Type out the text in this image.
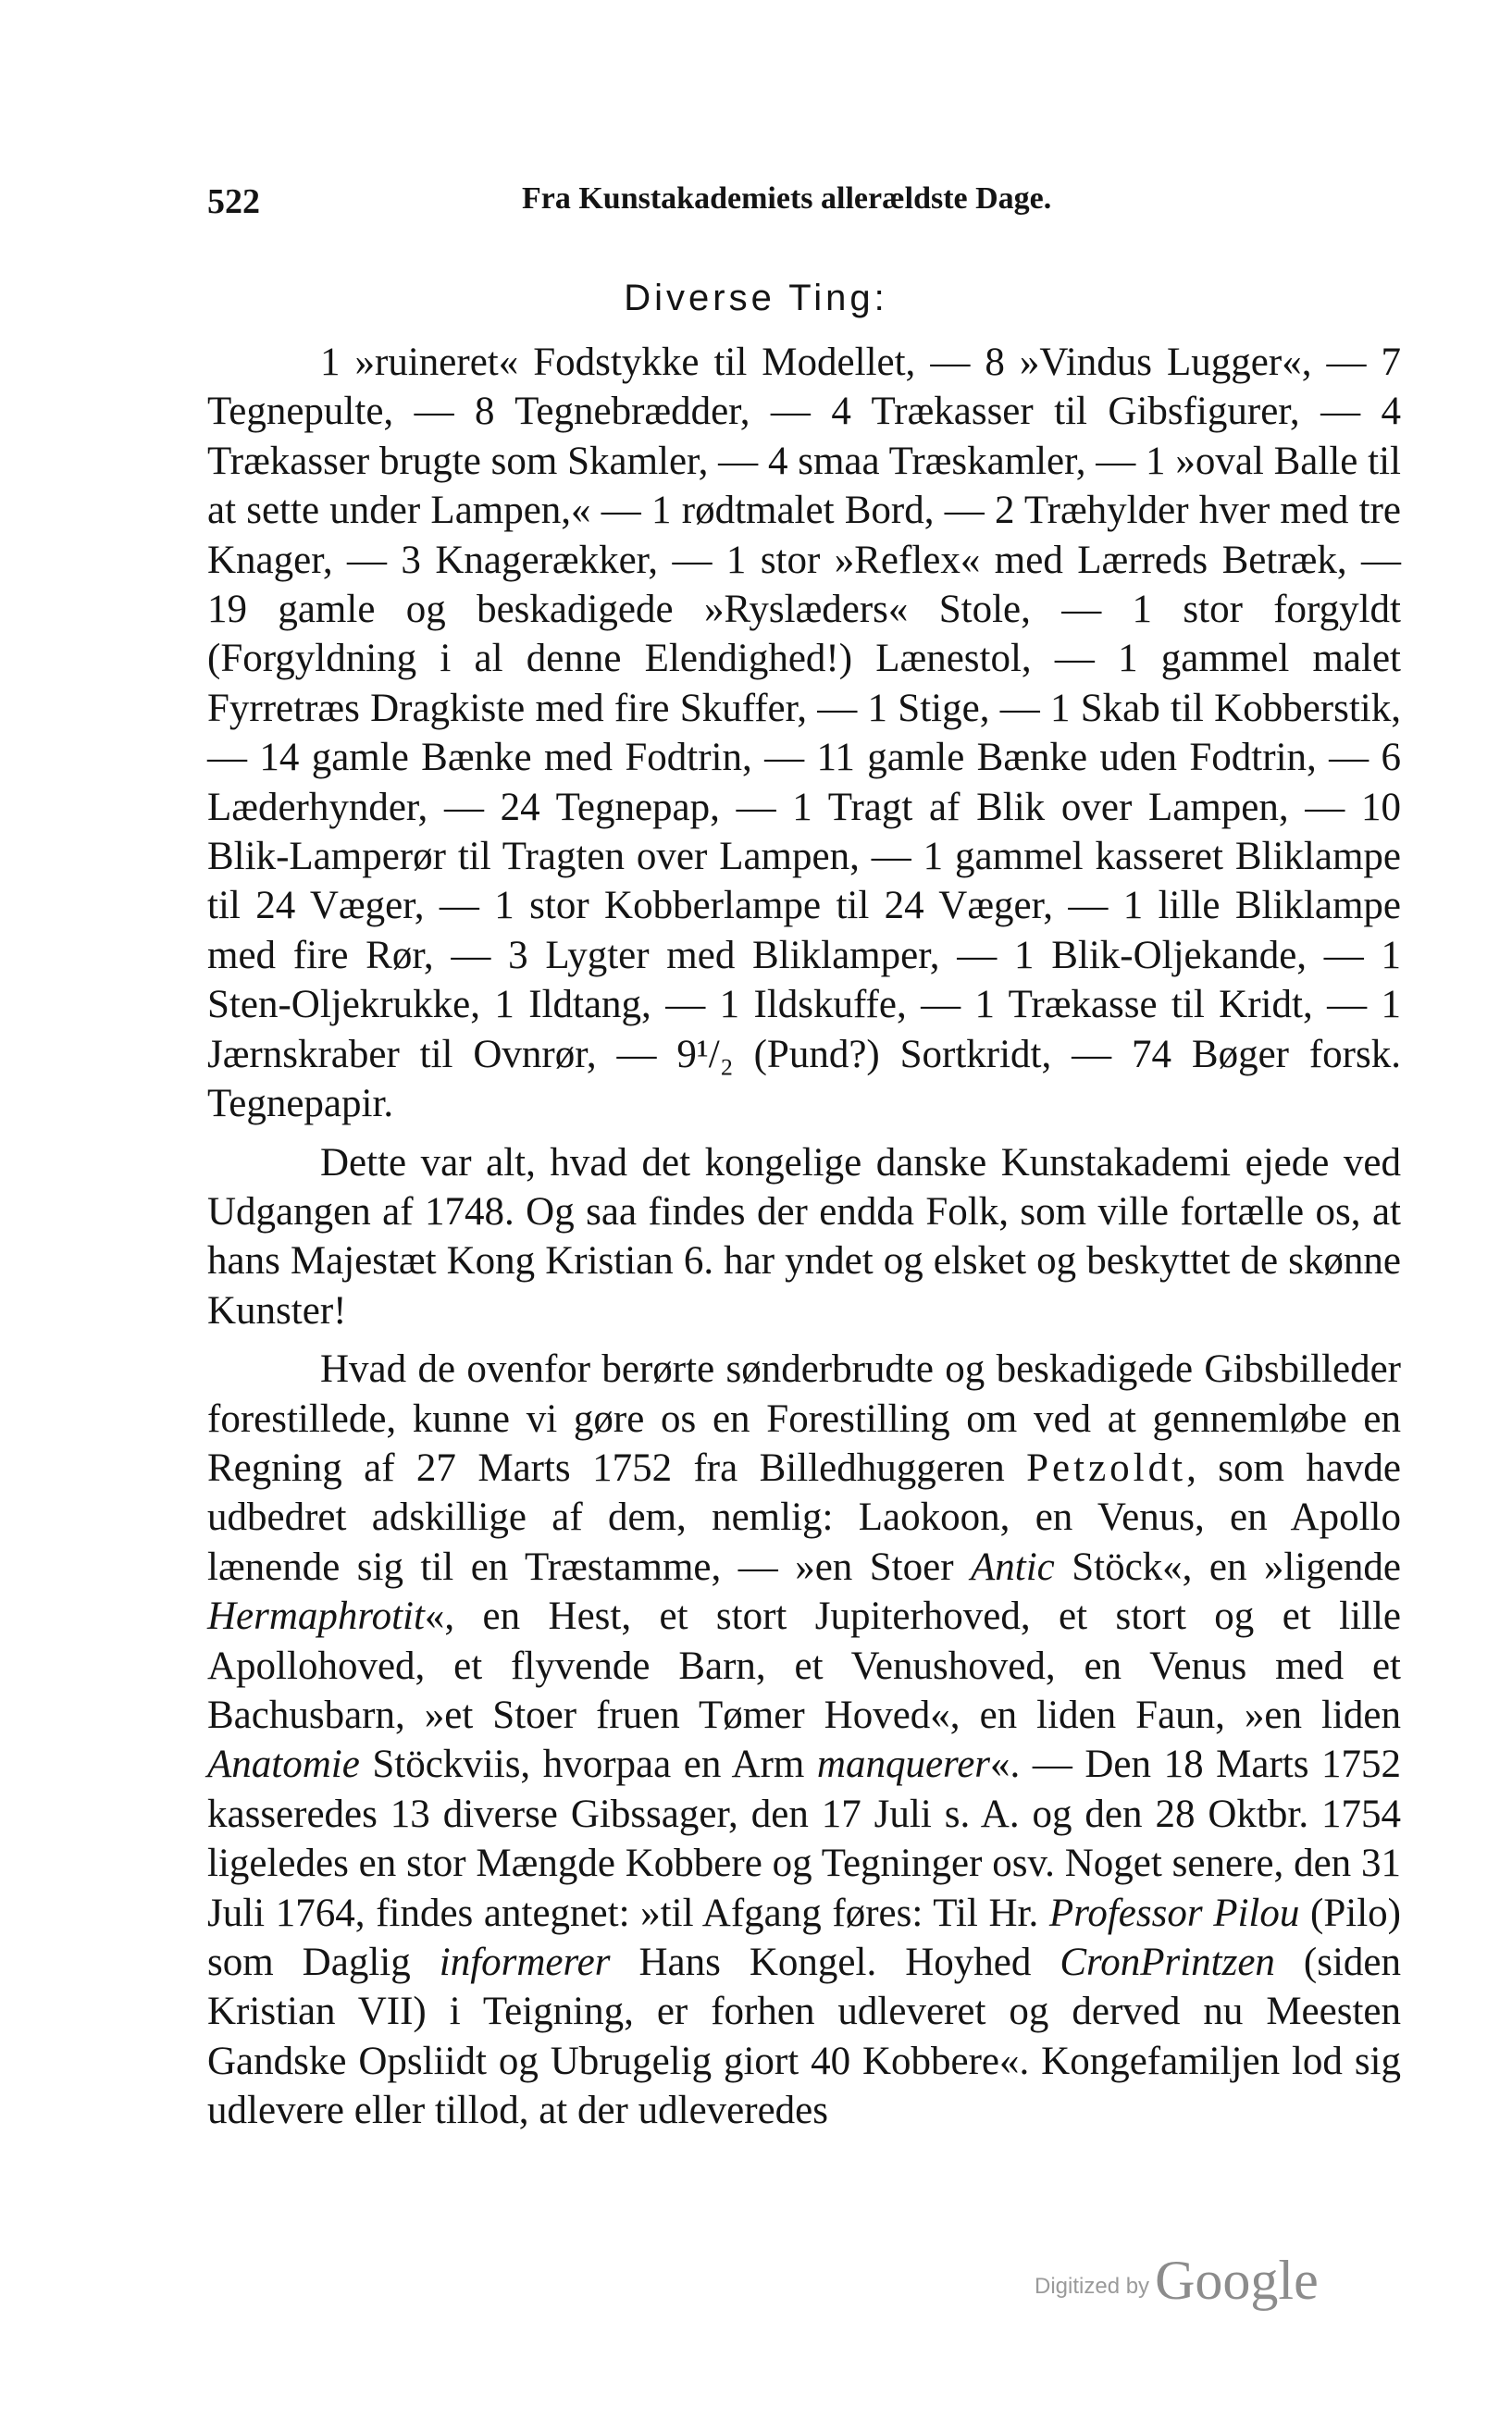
522	Fra Kunstakademiets allerældste Dage.
Diverse Ting:

1 »ruineret« Fodstykke til Modellet, — 8 »Vindus Lugger«, — 7 Tegnepulte, — 8 Tegnebrædder, — 4 Trækasser til Gibsfigurer, — 4 Trækasser brugte som Skamler, — 4 smaa Træskamler, — 1 »oval Balle til at sette under Lampen,« — 1 rødtmalet Bord, — 2 Træhylder hver med tre Knager, — 3 Knagerækker, — 1 stor »Reflex« med Lærreds Betræk, — 19 gamle og beskadigede »Ryslæders« Stole, — 1 stor forgyldt (Forgyldning i al denne Elendighed!) Lænestol, — 1 gammel malet Fyrretræs Dragkiste med fire Skuffer, — 1 Stige, — 1 Skab til Kobberstik, — 14 gamle Bænke med Fodtrin, — 11 gamle Bænke uden Fodtrin, — 6 Læderhynder, — 24 Tegnepap, — 1 Tragt af Blik over Lampen, — 10 Blik-Lamperør til Tragten over Lampen, — 1 gammel kasseret Bliklampe til 24 Væger, — 1 stor Kobberlampe til 24 Væger, — 1 lille Bliklampe med fire Rør, — 3 Lygter med Bliklamper, — 1 Blik-Oljekande, — 1 Sten-Oljekrukke, 1 Ildtang, — 1 Ildskuffe, — 1 Trækasse til Kridt, — 1 Jærnskraber til Ovnrør, — 9¹/₂ (Pund?) Sortkridt, — 74 Bøger forsk. Tegnepapir.

Dette var alt, hvad det kongelige danske Kunstakademi ejede ved Udgangen af 1748. Og saa findes der endda Folk, som ville fortælle os, at hans Majestæt Kong Kristian 6. har yndet og elsket og beskyttet de skønne Kunster!

Hvad de ovenfor berørte sønderbrudte og beskadigede Gibsbilleder forestillede, kunne vi gøre os en Forestilling om ved at gennemløbe en Regning af 27 Marts 1752 fra Billedhuggeren Petzoldt, som havde udbedret adskillige af dem, nemlig: Laokoon, en Venus, en Apollo lænende sig til en Træstamme, — »en Stoer Antic Stöck«, en »ligende Hermaphrotit«, en Hest, et stort Jupiterhoved, et stort og et lille Apollohoved, et flyvende Barn, et Venushoved, en Venus med et Bachusbarn, »et Stoer fruen Tømer Hoved«, en liden Faun, »en liden Anatomie Stöckviis, hvorpaa en Arm manquerer«. — Den 18 Marts 1752 kasseredes 13 diverse Gibssager, den 17 Juli s. A. og den 28 Oktbr. 1754 ligeledes en stor Mængde Kobbere og Tegninger osv. Noget senere, den 31 Juli 1764, findes antegnet: »til Afgang føres: Til Hr. Professor Pilou (Pilo) som Daglig informerer Hans Kongel. Hoyhed CronPrintzen (siden Kristian VII) i Teigning, er forhen udleveret og derved nu Meesten Gandske Opsliidt og Ubrugelig giort 40 Kobbere«. Kongefamiljen lod sig udlevere eller tillod, at der udleveredes

Digitized by Google
